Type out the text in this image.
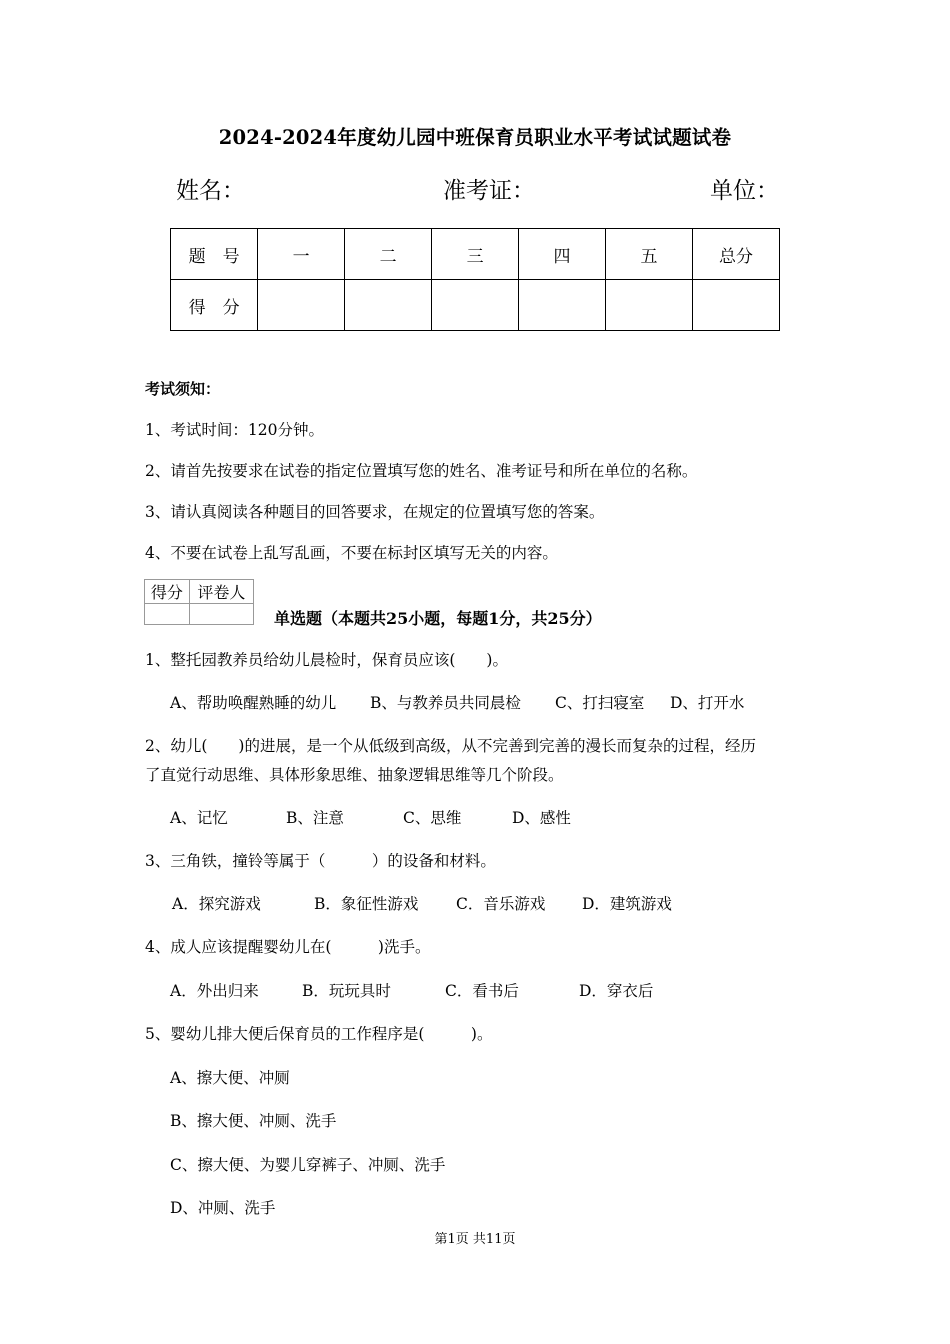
2024-2024年度幼儿园中班保育员职业水平考试试题试卷
姓名：	准考证：	单位：
题　号	一	二	三	四	五	总分
得　分						
考试须知：
1、考试时间：120分钟。
2、请首先按要求在试卷的指定位置填写您的姓名、准考证号和所在单位的名称。
3、请认真阅读各种题目的回答要求，在规定的位置填写您的答案。
4、不要在试卷上乱写乱画，不要在标封区填写无关的内容。
得分	评卷人

单选题（本题共25小题，每题1分，共25分）
1、整托园教养员给幼儿晨检时，保育员应该(　　)。
A、帮助唤醒熟睡的幼儿 B、与教养员共同晨检 C、打扫寝室 D、打开水
2、幼儿(　　)的进展，是一个从低级到高级，从不完善到完善的漫长而复杂的过程，经历
了直觉行动思维、具体形象思维、抽象逻辑思维等几个阶段。
A、记忆	B、注意	C、思维	D、感性
3、三角铁，撞铃等属于（　　　）的设备和材料。
A．探究游戏	B．象征性游戏 C．音乐游戏 D．建筑游戏
4、成人应该提醒婴幼儿在(　　　)洗手。
A．外出归来	B．玩玩具时	C．看书后	D．穿衣后
5、婴幼儿排大便后保育员的工作程序是(　　　)。
A、擦大便、冲厕
B、擦大便、冲厕、洗手
C、擦大便、为婴儿穿裤子、冲厕、洗手
D、冲厕、洗手
第1页 共11页
